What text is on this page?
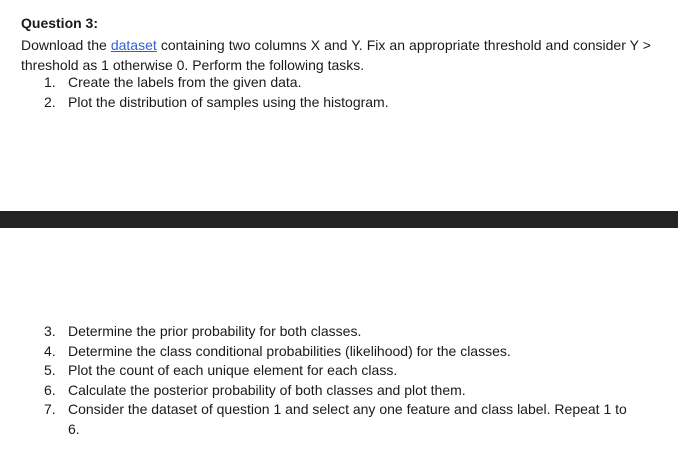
Question 3:
Download the dataset containing two columns X and Y. Fix an appropriate threshold and consider Y > threshold as 1 otherwise 0. Perform the following tasks.
1. Create the labels from the given data.
2. Plot the distribution of samples using the histogram.
3. Determine the prior probability for both classes.
4. Determine the class conditional probabilities (likelihood) for the classes.
5. Plot the count of each unique element for each class.
6. Calculate the posterior probability of both classes and plot them.
7. Consider the dataset of question 1 and select any one feature and class label. Repeat 1 to 6.
